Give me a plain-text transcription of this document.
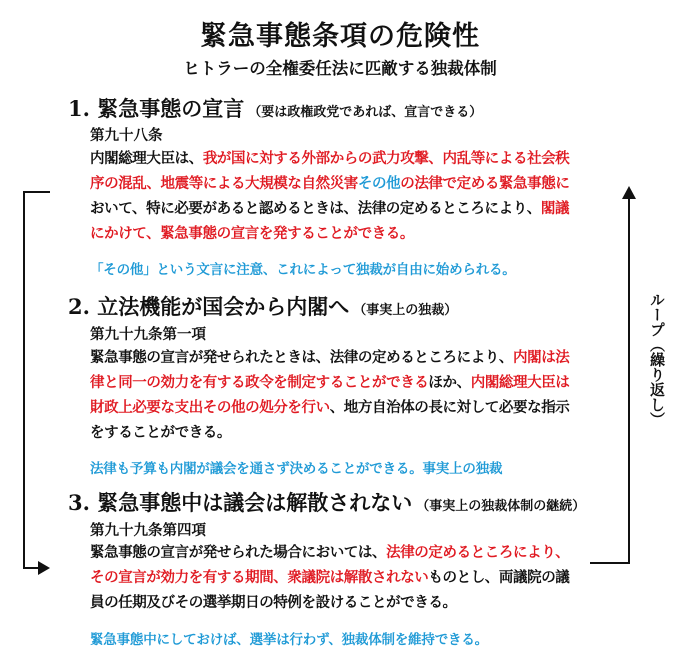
緊急事態条項の危険性
ヒトラーの全権委任法に匹敵する独裁体制
1. 緊急事態の宣言 （要は政権政党であれば、宣言できる）
第九十八条
内閣総理大臣は、我が国に対する外部からの武力攻撃、内乱等による社会秩
序の混乱、地震等による大規模な自然災害その他の法律で定める緊急事態に
おいて、特に必要があると認めるときは、法律の定めるところにより、閣議
にかけて、緊急事態の宣言を発することができる。
「その他」という文言に注意、これによって独裁が自由に始められる。
2. 立法機能が国会から内閣へ （事実上の独裁）
第九十九条第一項
緊急事態の宣言が発せられたときは、法律の定めるところにより、内閣は法
律と同一の効力を有する政令を制定することができるほか、内閣総理大臣は
財政上必要な支出その他の処分を行い、地方自治体の長に対して必要な指示
をすることができる。
法律も予算も内閣が議会を通さず決めることができる。事実上の独裁
3. 緊急事態中は議会は解散されない （事実上の独裁体制の継続）
第九十九条第四項
緊急事態の宣言が発せられた場合においては、法律の定めるところにより、
その宣言が効力を有する期間、衆議院は解散されないものとし、両議院の議
員の任期及びその選挙期日の特例を設けることができる。
緊急事態中にしておけば、選挙は行わず、独裁体制を維持できる。
ループ（繰り返し）
